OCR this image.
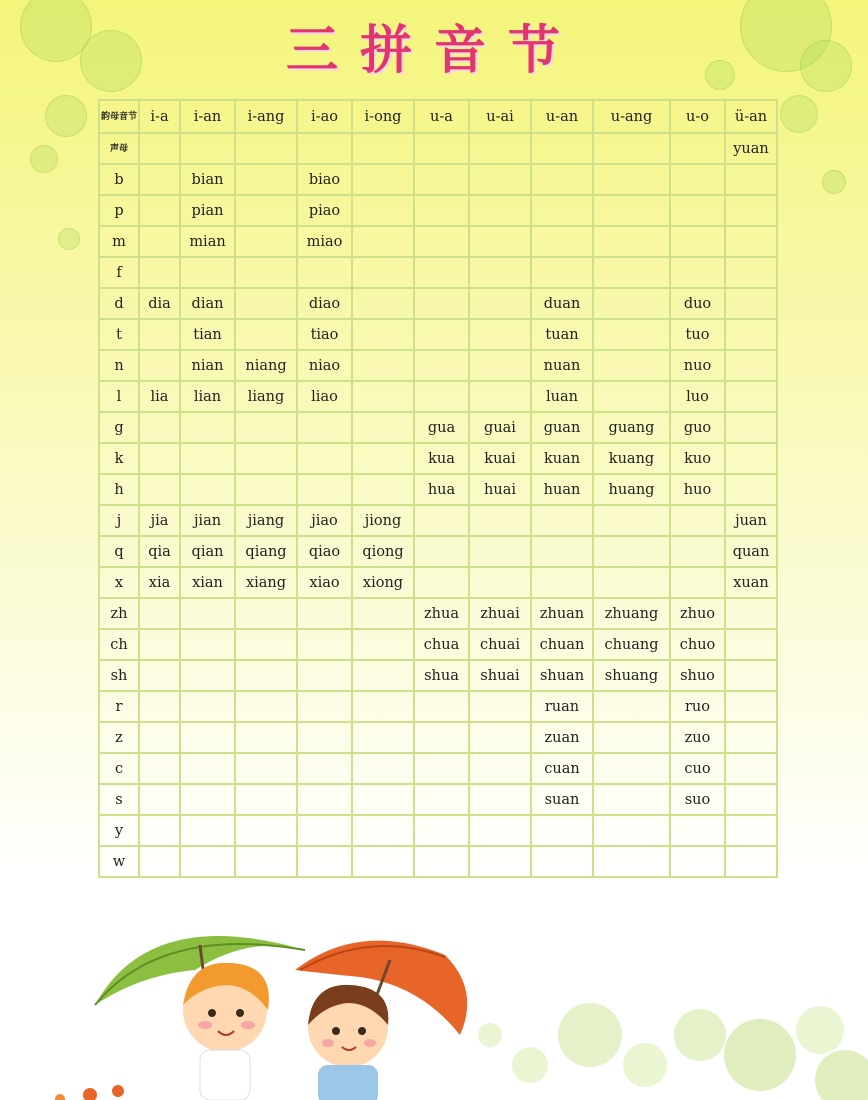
三拼音节
韵母音节	i-a	i-an	i-ang	i-ao	i-ong	u-a	u-ai	u-an	u-ang	u-o	ü-an
声母											yuan
b		bian		biao							
p		pian		piao							
m		mian		miao							
f											
d	dia	dian		diao				duan		duo	
t		tian		tiao				tuan		tuo	
n		nian	niang	niao				nuan		nuo	
l	lia	lian	liang	liao				luan		luo	
g						gua	guai	guan	guang	guo	
k						kua	kuai	kuan	kuang	kuo	
h						hua	huai	huan	huang	huo	
j	jia	jian	jiang	jiao	jiong						juan
q	qia	qian	qiang	qiao	qiong						quan
x	xia	xian	xiang	xiao	xiong						xuan
zh						zhua	zhuai	zhuan	zhuang	zhuo	
ch						chua	chuai	chuan	chuang	chuo	
sh						shua	shuai	shuan	shuang	shuo	
r								ruan		ruo	
z								zuan		zuo	
c								cuan		cuo	
s								suan		suo	
y											
w											
